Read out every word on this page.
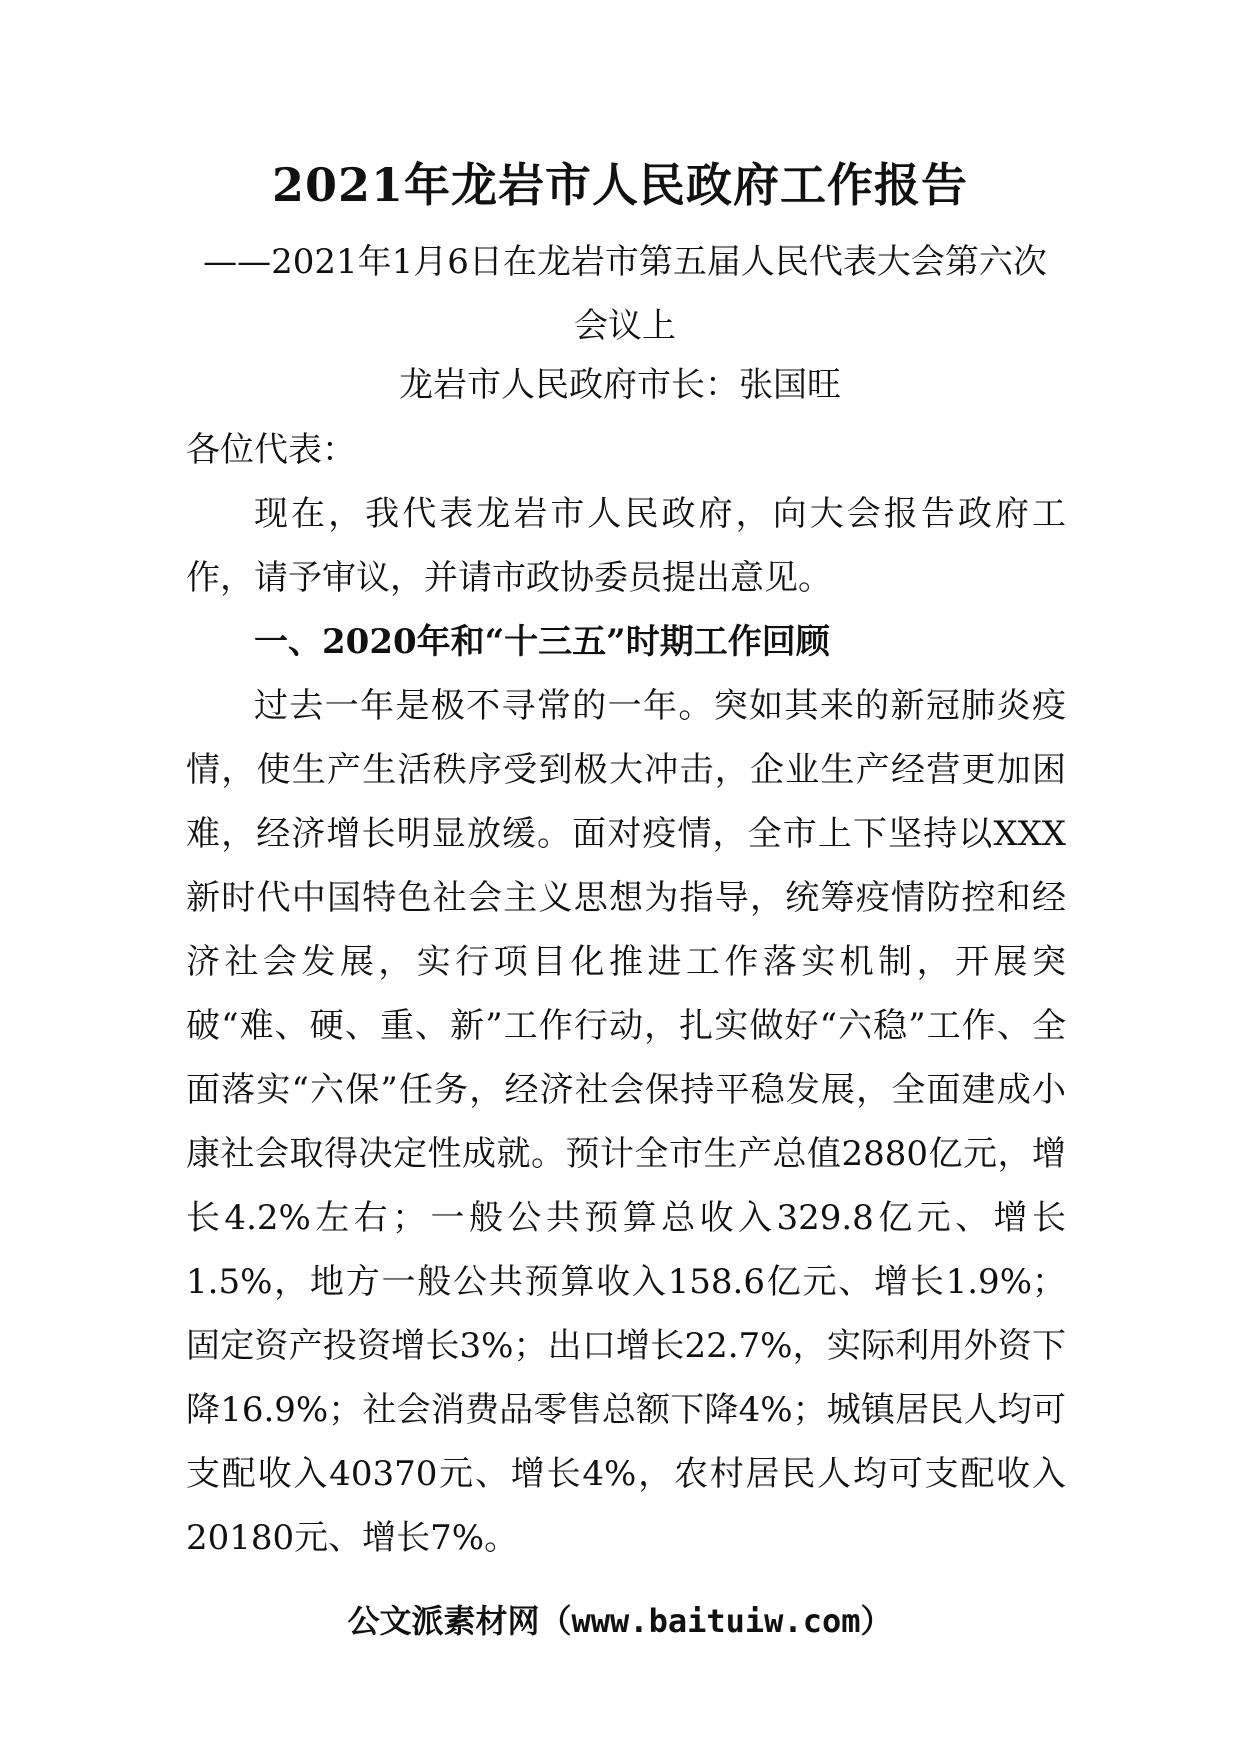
2021年龙岩市人民政府工作报告
——2021年1月6日在龙岩市第五届人民代表大会第六次会议上
龙岩市人民政府市长：张国旺
各位代表：
现在，我代表龙岩市人民政府，向大会报告政府工作，请予审议，并请市政协委员提出意见。
一、2020年和“十三五”时期工作回顾
过去一年是极不寻常的一年。突如其来的新冠肺炎疫情，使生产生活秩序受到极大冲击，企业生产经营更加困难，经济增长明显放缓。面对疫情，全市上下坚持以XXX新时代中国特色社会主义思想为指导，统筹疫情防控和经济社会发展，实行项目化推进工作落实机制，开展突破“难、硬、重、新”工作行动，扎实做好“六稳”工作、全面落实“六保”任务，经济社会保持平稳发展，全面建成小康社会取得决定性成就。预计全市生产总值2880亿元，增长4.2%左右；一般公共预算总收入329.8亿元、增长1.5%，地方一般公共预算收入158.6亿元、增长1.9%；固定资产投资增长3%；出口增长22.7%，实际利用外资下降16.9%；社会消费品零售总额下降4%；城镇居民人均可支配收入40370元、增长4%，农村居民人均可支配收入20180元、增长7%。
公文派素材网（www.baituiw.com）
